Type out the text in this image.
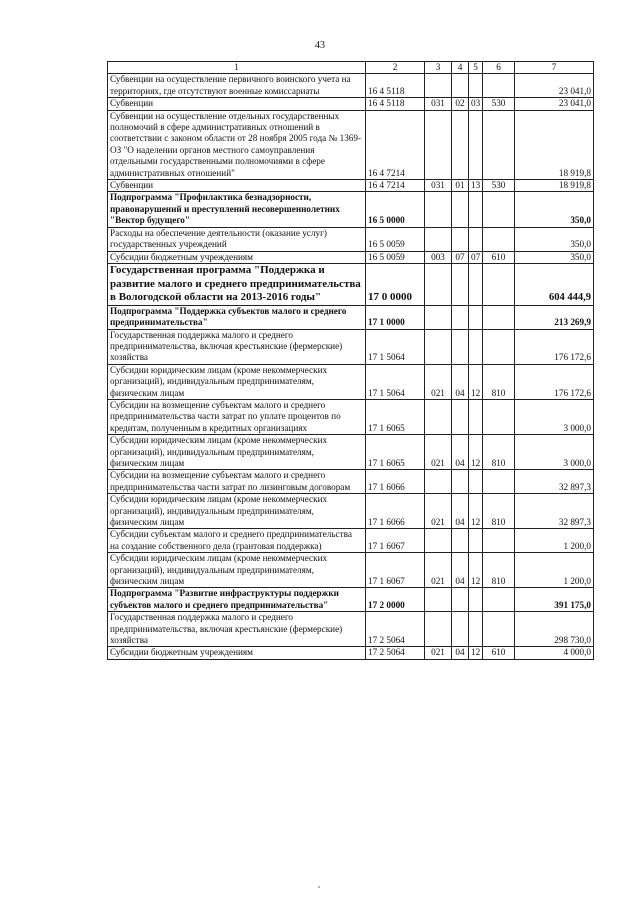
43
1	2	3	4	5	6	7
Субвенции на осуществление первичного воинского учета на территориях, где отсутствуют военные комиссариаты	16 4 5118					23 041,0
Субвенции	16 4 5118	031	02	03	530	23 041,0
Субвенции на осуществление отдельных государственных полномочий в сфере административных отношений в соответствии с законом области от 28 ноября 2005 года № 1369-ОЗ "О наделении органов местного самоуправления отдельными государственными полномочиями в сфере административных отношений"	16 4 7214					18 919,8
Субвенции	16 4 7214	031	01	13	530	18 919,8
Подпрограмма "Профилактика безнадзорности, правонарушений и преступлений несовершеннолетних "Вектор будущего"	16 5 0000					350,0
Расходы на обеспечение деятельности (оказание услуг) государственных учреждений	16 5 0059					350,0
Субсидии бюджетным учреждениям	16 5 0059	003	07	07	610	350,0
Государственная программа "Поддержка и развитие малого и среднего предпринимательства в Вологодской области на 2013-2016 годы"	17 0 0000					604 444,9
Подпрограмма "Поддержка субъектов малого и среднего предпринимательства"	17 1 0000					213 269,9
Государственная поддержка малого и среднего предпринимательства, включая крестьянские (фермерские) хозяйства	17 1 5064					176 172,6
Субсидии юридическим лицам (кроме некоммерческих организаций), индивидуальным предпринимателям, физическим лицам	17 1 5064	021	04	12	810	176 172,6
Субсидии на возмещение субъектам малого и среднего предпринимательства части затрат по уплате процентов по кредитам, полученным в кредитных организациях	17 1 6065					3 000,0
Субсидии юридическим лицам (кроме некоммерческих организаций), индивидуальным предпринимателям, физическим лицам	17 1 6065	021	04	12	810	3 000,0
Субсидии на возмещение субъектам малого и среднего предпринимательства части затрат по лизинговым договорам	17 1 6066					32 897,3
Субсидии юридическим лицам (кроме некоммерческих организаций), индивидуальным предпринимателям, физическим лицам	17 1 6066	021	04	12	810	32 897,3
Субсидии субъектам малого и среднего предпринимательства на создание собственного дела (грантовая поддержка)	17 1 6067					1 200,0
Субсидии юридическим лицам (кроме некоммерческих организаций), индивидуальным предпринимателям, физическим лицам	17 1 6067	021	04	12	810	1 200,0
Подпрограмма "Развитие инфраструктуры поддержки субъектов малого и среднего предпринимательства"	17 2 0000					391 175,0
Государственная поддержка малого и среднего предпринимательства, включая крестьянские (фермерские) хозяйства	17 2 5064					298 730,0
Субсидии бюджетным учреждениям	17 2 5064	021	04	12	610	4 000,0
